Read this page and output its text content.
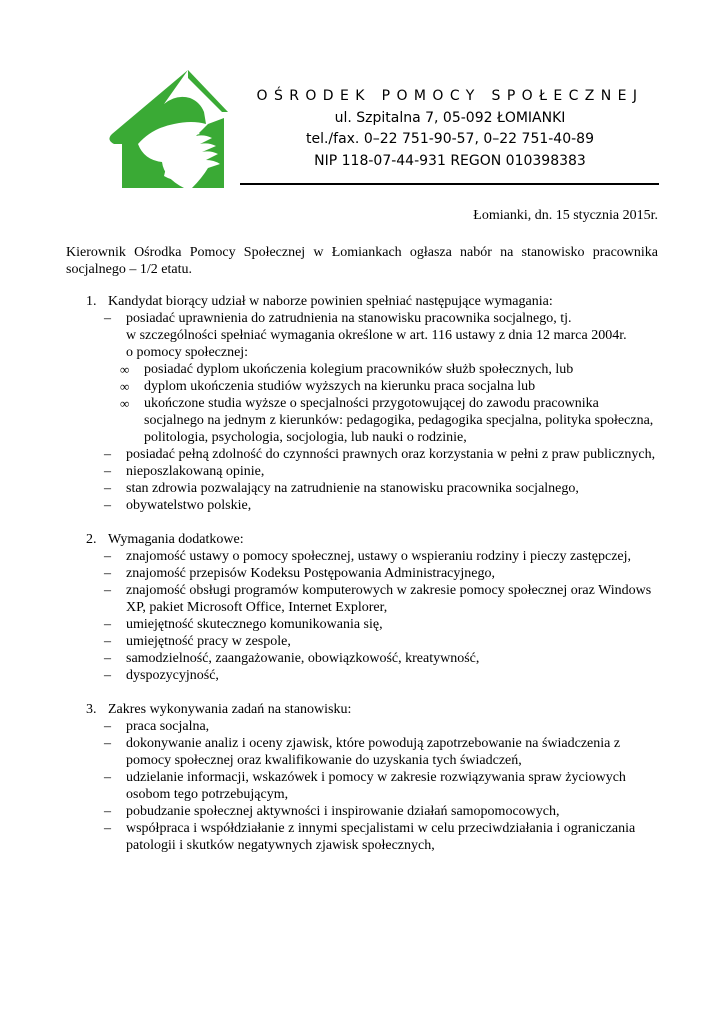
OŚRODEK POMOCY SPOŁECZNEJ
ul. Szpitalna 7, 05-092 ŁOMIANKI
tel./fax. 0–22 751-90-57, 0–22 751-40-89
NIP 118-07-44-931 REGON 010398383
Łomianki, dn. 15 stycznia 2015r.
Kierownik Ośrodka Pomocy Społecznej w Łomiankach ogłasza nabór na stanowisko pracownika socjalnego – 1/2 etatu.
1. Kandydat biorący udział w naborze powinien spełniać następujące wymagania:
– posiadać uprawnienia do zatrudnienia na stanowisku pracownika socjalnego, tj.
w szczególności spełniać wymagania określone w art. 116 ustawy z dnia 12 marca 2004r.
o pomocy społecznej:
∞ posiadać dyplom ukończenia kolegium pracowników służb społecznych, lub
∞ dyplom ukończenia studiów wyższych na kierunku praca socjalna lub
∞ ukończone studia wyższe o specjalności przygotowującej do zawodu pracownika socjalnego na jednym z kierunków: pedagogika, pedagogika specjalna, polityka społeczna, politologia, psychologia, socjologia, lub nauki o rodzinie,
– posiadać pełną zdolność do czynności prawnych oraz korzystania w pełni z praw publicznych,
– nieposzlakowaną opinie,
– stan zdrowia pozwalający na zatrudnienie na stanowisku pracownika socjalnego,
– obywatelstwo polskie,
2. Wymagania dodatkowe:
– znajomość ustawy o pomocy społecznej, ustawy o wspieraniu rodziny i pieczy zastępczej,
– znajomość przepisów Kodeksu Postępowania Administracyjnego,
– znajomość obsługi programów komputerowych w zakresie pomocy społecznej oraz Windows XP, pakiet Microsoft Office, Internet Explorer,
– umiejętność skutecznego komunikowania się,
– umiejętność pracy w zespole,
– samodzielność, zaangażowanie, obowiązkowość, kreatywność,
– dyspozycyjność,
3. Zakres wykonywania zadań na stanowisku:
– praca socjalna,
– dokonywanie analiz i oceny zjawisk, które powodują zapotrzebowanie na świadczenia z pomocy społecznej oraz kwalifikowanie do uzyskania tych świadczeń,
– udzielanie informacji, wskazówek i pomocy w zakresie rozwiązywania spraw życiowych osobom tego potrzebującym,
– pobudzanie społecznej aktywności i inspirowanie działań samopomocowych,
– współpraca i współdziałanie z innymi specjalistami w celu przeciwdziałania i ograniczania patologii i skutków negatywnych zjawisk społecznych,
